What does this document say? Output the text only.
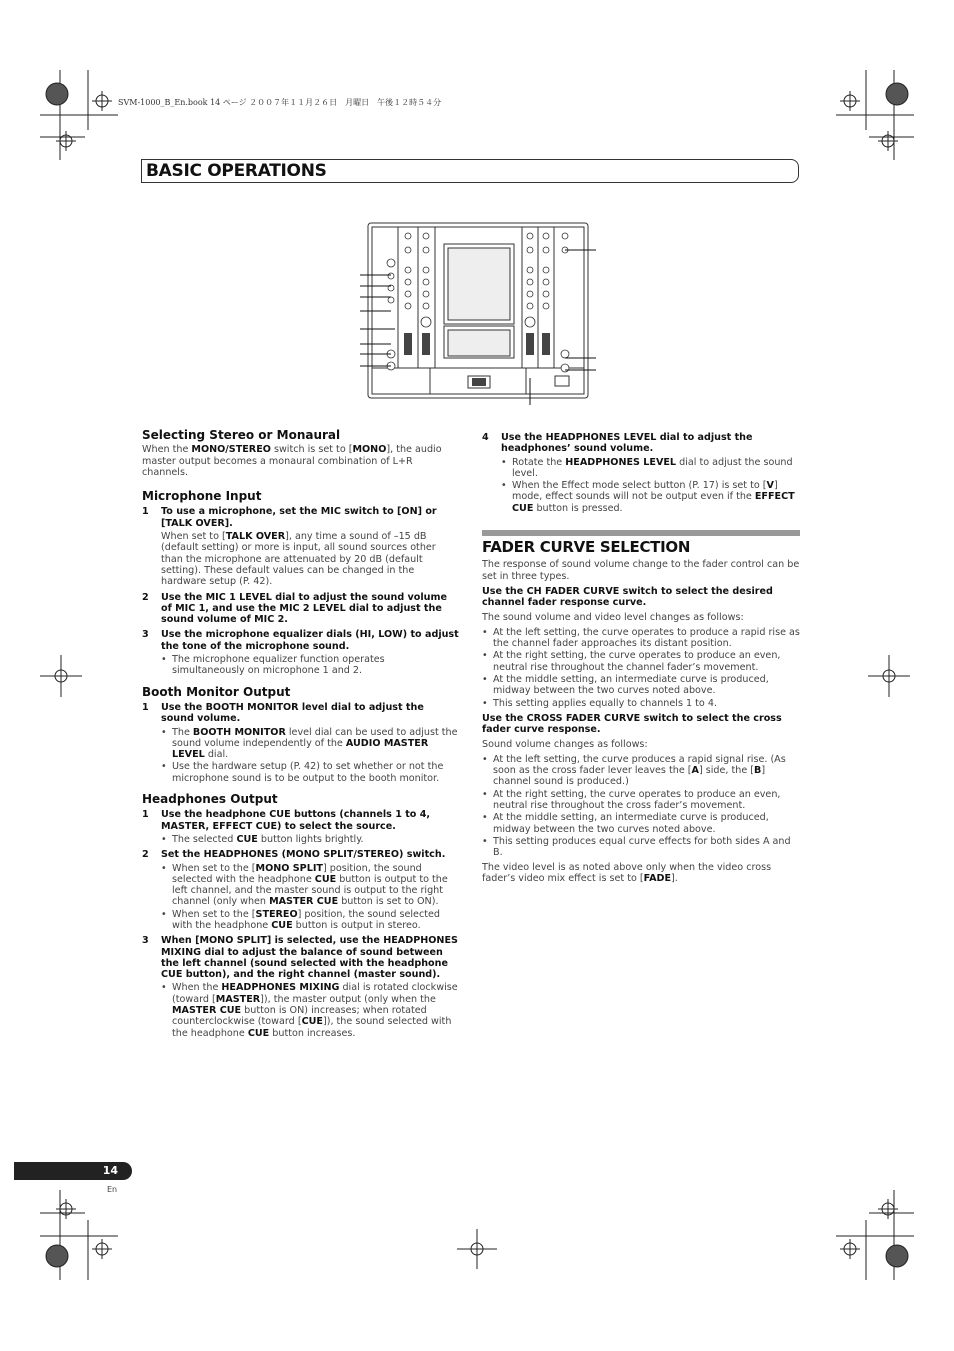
SVM-1000_B_En.book 14 ページ ２００７年１１月２６日　月曜日　午後１２時５４分
BASIC OPERATIONS
Selecting Stereo or Monaural

When the MONO/STEREO switch is set to [MONO], the audio master output becomes a monaural combination of L+R channels.

Microphone Input
1	To use a microphone, set the MIC switch to [ON] or [TALK OVER].

When set to [TALK OVER], any time a sound of –15 dB (default setting) or more is input, all sound sources other than the microphone are attenuated by 20 dB (default setting). These default values can be changed in the hardware setup (P. 42).

2	Use the MIC 1 LEVEL dial to adjust the sound volume of MIC 1, and use the MIC 2 LEVEL dial to adjust the sound volume of MIC 2.
3	Use the microphone equalizer dials (HI, LOW) to adjust the tone of the microphone sound.
• The microphone equalizer function operates simultaneously on microphone 1 and 2.
Booth Monitor Output
1	Use the BOOTH MONITOR level dial to adjust the sound volume.
• The BOOTH MONITOR level dial can be used to adjust the sound volume independently of the AUDIO MASTER LEVEL dial.
• Use the hardware setup (P. 42) to set whether or not the microphone sound is to be output to the booth monitor.
Headphones Output
1	Use the headphone CUE buttons (channels 1 to 4, MASTER, EFFECT CUE) to select the source.
• The selected CUE button lights brightly.
2	Set the HEADPHONES (MONO SPLIT/STEREO) switch.
• When set to the [MONO SPLIT] position, the sound selected with the headphone CUE button is output to the left channel, and the master sound is output to the right channel (only when MASTER CUE button is set to ON).
• When set to the [STEREO] position, the sound selected with the headphone CUE button is output in stereo.
3	When [MONO SPLIT] is selected, use the HEADPHONES MIXING dial to adjust the balance of sound between the left channel (sound selected with the headphone CUE button), and the right channel (master sound).
• When the HEADPHONES MIXING dial is rotated clockwise (toward [MASTER]), the master output (only when the MASTER CUE button is ON) increases; when rotated counterclockwise (toward [CUE]), the sound selected with the headphone CUE button increases.
4	Use the HEADPHONES LEVEL dial to adjust the headphones’ sound volume.
• Rotate the HEADPHONES LEVEL dial to adjust the sound level.
• When the Effect mode select button (P. 17) is set to [V] mode, effect sounds will not be output even if the EFFECT CUE button is pressed.
FADER CURVE SELECTION

The response of sound volume change to the fader control can be set in three types.

Use the CH FADER CURVE switch to select the desired channel fader response curve.

The sound volume and video level changes as follows:

• At the left setting, the curve operates to produce a rapid rise as the channel fader approaches its distant position.
• At the right setting, the curve operates to produce an even, neutral rise throughout the channel fader’s movement.
• At the middle setting, an intermediate curve is produced, midway between the two curves noted above.
• This setting applies equally to channels 1 to 4.

Use the CROSS FADER CURVE switch to select the cross fader curve response.

Sound volume changes as follows:

• At the left setting, the curve produces a rapid signal rise. (As soon as the cross fader lever leaves the [A] side, the [B] channel sound is produced.)
• At the right setting, the curve operates to produce an even, neutral rise throughout the cross fader’s movement.
• At the middle setting, an intermediate curve is produced, midway between the two curves noted above.
• This setting produces equal curve effects for both sides A and B.

The video level is as noted above only when the video cross fader’s video mix effect is set to [FADE].

14
En
